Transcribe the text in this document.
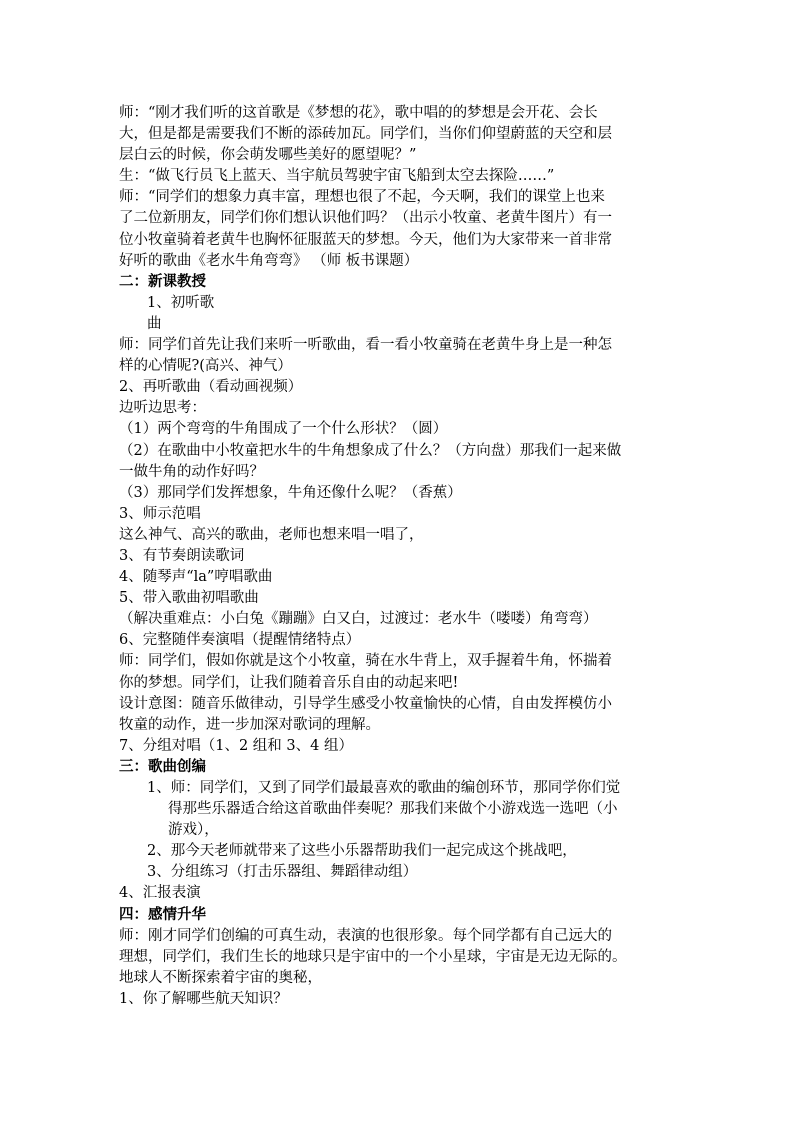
师：“刚才我们听的这首歌是《梦想的花》，歌中唱的的梦想是会开花、会长
大，但是都是需要我们不断的添砖加瓦。同学们，当你们仰望蔚蓝的天空和层
层白云的时候，你会萌发哪些美好的愿望呢？”
生：“做飞行员飞上蓝天、当宇航员驾驶宇宙飞船到太空去探险……”
师：“同学们的想象力真丰富，理想也很了不起，今天啊，我们的课堂上也来
了二位新朋友，同学们你们想认识他们吗？（出示小牧童、老黄牛图片）有一
位小牧童骑着老黄牛也胸怀征服蓝天的梦想。今天，他们为大家带来一首非常
好听的歌曲《老水牛角弯弯》 （师 板书课题）
二：新课教授
1、初听歌
曲
师：同学们首先让我们来听一听歌曲，看一看小牧童骑在老黄牛身上是一种怎
样的心情呢?(高兴、神气）
2、再听歌曲（看动画视频）
边听边思考：
（1）两个弯弯的牛角围成了一个什么形状？（圆）
（2）在歌曲中小牧童把水牛的牛角想象成了什么？（方向盘）那我们一起来做
一做牛角的动作好吗？
（3）那同学们发挥想象，牛角还像什么呢？（香蕉）
3、师示范唱
这么神气、高兴的歌曲，老师也想来唱一唱了，
3、有节奏朗读歌词
4、随琴声“la”哼唱歌曲
5、带入歌曲初唱歌曲
（解决重难点：小白兔《蹦蹦》白又白，过渡过：老水牛（喽喽）角弯弯）
6、完整随伴奏演唱（提醒情绪特点）
师：同学们，假如你就是这个小牧童，骑在水牛背上，双手握着牛角，怀揣着
你的梦想。同学们，让我们随着音乐自由的动起来吧!
设计意图：随音乐做律动，引导学生感受小牧童愉快的心情，自由发挥模仿小
牧童的动作，进一步加深对歌词的理解。
7、分组对唱（1、2 组和 3、4 组）
三：歌曲创编
1、师：同学们，又到了同学们最最喜欢的歌曲的编创环节，那同学你们觉
得那些乐器适合给这首歌曲伴奏呢？那我们来做个小游戏选一选吧（小
游戏），
2、那今天老师就带来了这些小乐器帮助我们一起完成这个挑战吧，
3、分组练习（打击乐器组、舞蹈律动组）
4、汇报表演
四：感情升华
师：刚才同学们创编的可真生动，表演的也很形象。每个同学都有自己远大的
理想，同学们，我们生长的地球只是宇宙中的一个小星球，宇宙是无边无际的。
地球人不断探索着宇宙的奥秘，
1、你了解哪些航天知识？
